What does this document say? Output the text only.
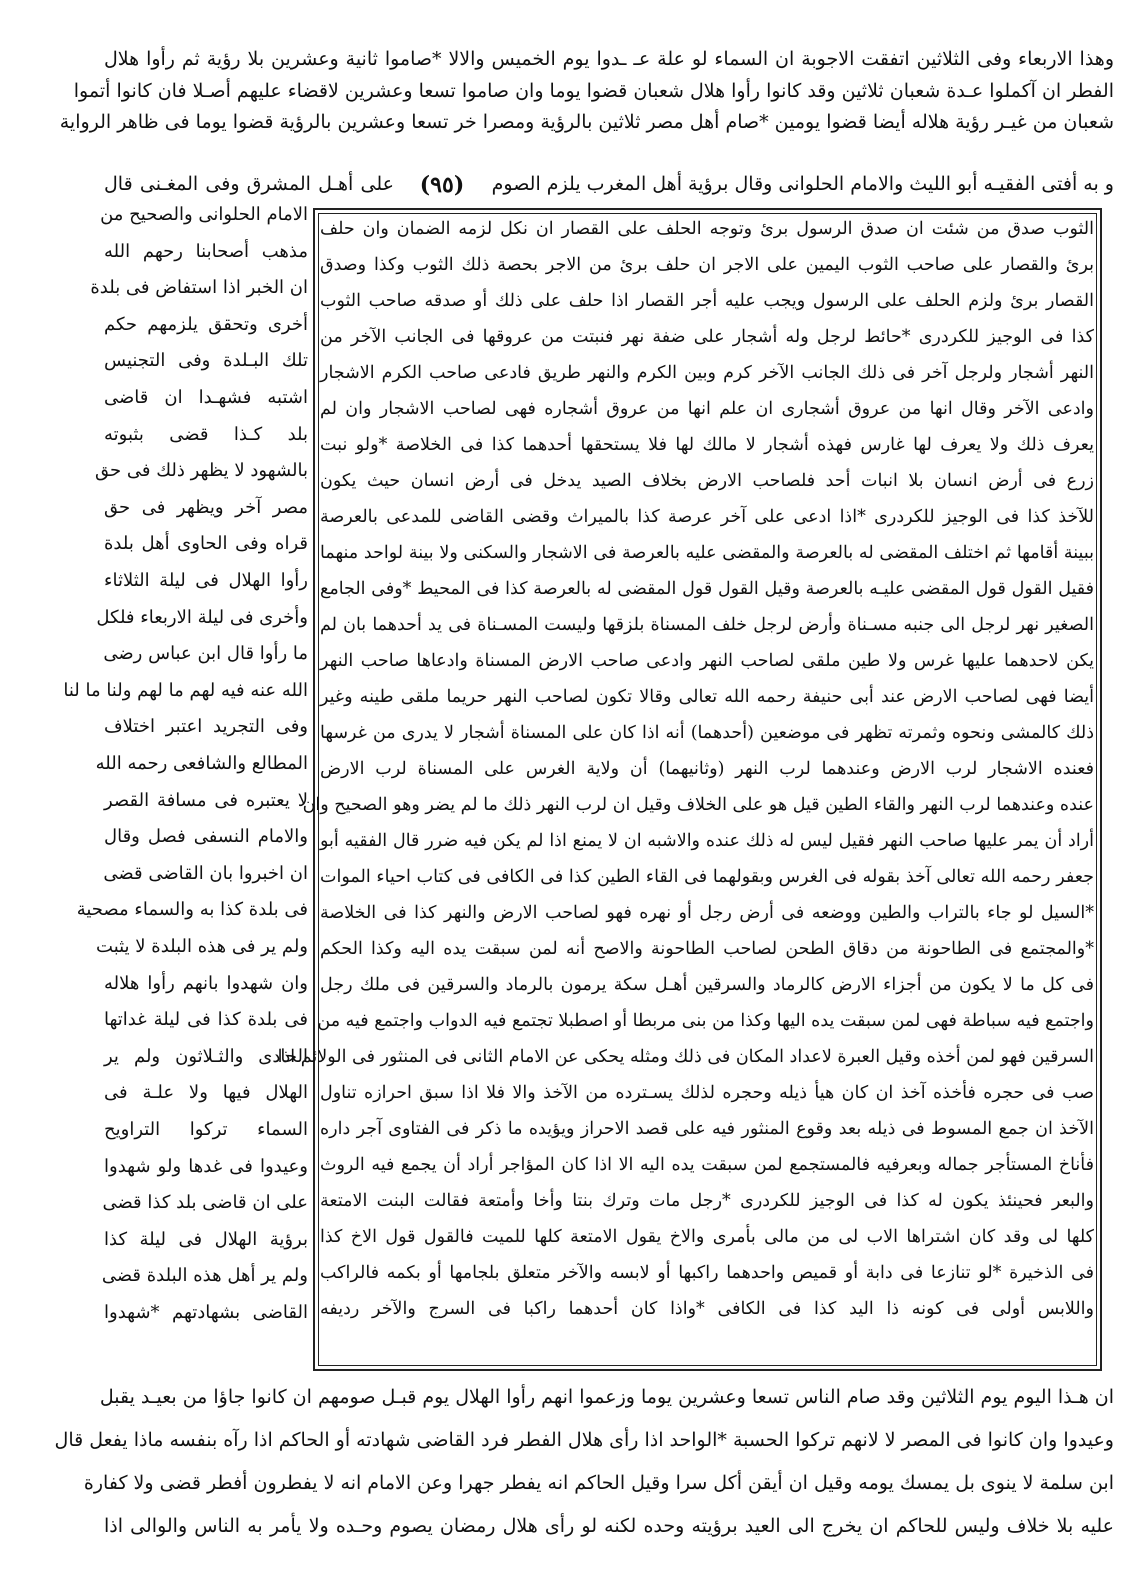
وهذا الاربعاء وفى الثلاثين اتفقت الاجوبة ان السماء لو علة عـ ـدوا يوم الخميس والالا *صاموا ثانية وعشرين بلا رؤية ثم رأوا هلال
الفطر ان آكملوا عـدة شعبان ثلاثين وقد كانوا رأوا هلال شعبان قضوا يوما وان صاموا تسعا وعشرين لاقضاء عليهم أصـلا فان كانوا أتموا
شعبان من غيـر رؤية هلاله أيضا قضوا يومين *صام أهل مصر ثلاثين بالرؤية ومصرا خر تسعا وعشرين بالرؤية قضوا يوما فى ظاهر الرواية
و به أفتى الفقيـه أبو الليث والامام الحلوانى وقال برؤية أهل المغرب يلزم الصوم
(٩٥)
على أهـل المشرق وفى المغـنى قال
الثوب صدق من شئت ان صدق الرسول برئ وتوجه الحلف على القصار ان نكل لزمه الضمان وان حلف
برئ والقصار على صاحب الثوب اليمين على الاجر ان حلف برئ من الاجر بحصة ذلك الثوب وكذا وصدق
القصار برئ ولزم الحلف على الرسول ويجب عليه أجر القصار اذا حلف على ذلك أو صدقه صاحب الثوب
كذا فى الوجيز للكردرى *حائط لرجل وله أشجار على ضفة نهر فنبتت من عروقها فى الجانب الآخر من
النهر أشجار ولرجل آخر فى ذلك الجانب الآخر كرم وبين الكرم والنهر طريق فادعى صاحب الكرم الاشجار
وادعى الآخر وقال انها من عروق أشجارى ان علم انها من عروق أشجاره فهى لصاحب الاشجار وان لم
يعرف ذلك ولا يعرف لها غارس فهذه أشجار لا مالك لها فلا يستحقها أحدهما كذا فى الخلاصة *ولو نبت
زرع فى أرض انسان بلا انبات أحد فلصاحب الارض بخلاف الصيد يدخل فى أرض انسان حيث يكون
للآخذ كذا فى الوجيز للكردرى *اذا ادعى على آخر عرصة كذا بالميراث وقضى القاضى للمدعى بالعرصة
ببينة أقامها ثم اختلف المقضى له بالعرصة والمقضى عليه بالعرصة فى الاشجار والسكنى ولا بينة لواحد منهما
فقيل القول قول المقضى عليـه بالعرصة وقيل القول قول المقضى له بالعرصة كذا فى المحيط *وفى الجامع
الصغير نهر لرجل الى جنبه مسـناة وأرض لرجل خلف المسناة بلزقها وليست المسـناة فى يد أحدهما بان لم
يكن لاحدهما عليها غرس ولا طين ملقى لصاحب النهر وادعى صاحب الارض المسناة وادعاها صاحب النهر
أيضا فهى لصاحب الارض عند أبى حنيفة رحمه الله تعالى وقالا تكون لصاحب النهر حريما ملقى طينه وغير
ذلك كالمشى ونحوه وثمرته تظهر فى موضعين (أحدهما) أنه اذا كان على المسناة أشجار لا يدرى من غرسها
فعنده الاشجار لرب الارض وعندهما لرب النهر (وثانيهما) أن ولاية الغرس على المسناة لرب الارض
عنده وعندهما لرب النهر والقاء الطين قيل هو على الخلاف وقيل ان لرب النهر ذلك ما لم يضر وهو الصحيح وان
أراد أن يمر عليها صاحب النهر فقيل ليس له ذلك عنده والاشبه ان لا يمنع اذا لم يكن فيه ضرر قال الفقيه أبو
جعفر رحمه الله تعالى آخذ بقوله فى الغرس وبقولهما فى القاء الطين كذا فى الكافى فى كتاب احياء الموات
*السيل لو جاء بالتراب والطين ووضعه فى أرض رجل أو نهره فهو لصاحب الارض والنهر كذا فى الخلاصة
*والمجتمع فى الطاحونة من دقاق الطحن لصاحب الطاحونة والاصح أنه لمن سبقت يده اليه وكذا الحكم
فى كل ما لا يكون من أجزاء الارض كالرماد والسرقين أهـل سكة يرمون بالرماد والسرقين فى ملك رجل
واجتمع فيه سباطة فهى لمن سبقت يده اليها وكذا من بنى مربطا أو اصطبلا تجتمع فيه الدواب واجتمع فيه من
السرقين فهو لمن أخذه وقيل العبرة لاعداد المكان فى ذلك ومثله يحكى عن الامام الثانى فى المنثور فى الولائم اذا
صب فى حجره فأخذه آخذ ان كان هيأ ذيله وحجره لذلك يسـترده من الآخذ والا فلا اذا سبق احرازه تناول
الآخذ ان جمع المسوط فى ذيله بعد وقوع المنثور فيه على قصد الاحراز ويؤيده ما ذكر فى الفتاوى آجر داره
فأناخ المستأجر جماله وبعرفيه فالمستجمع لمن سبقت يده اليه الا اذا كان المؤاجر أراد أن يجمع فيه الروث
والبعر فحينئذ يكون له كذا فى الوجيز للكردرى *رجل مات وترك بنتا وأخا وأمتعة فقالت البنت الامتعة
كلها لى وقد كان اشتراها الاب لى من مالى بأمرى والاخ يقول الامتعة كلها للميت فالقول قول الاخ كذا
فى الذخيرة *لو تنازعا فى دابة أو قميص واحدهما راكبها أو لابسه والآخر متعلق بلجامها أو بكمه فالراكب
واللابس أولى فى كونه ذا اليد كذا فى الكافى *واذا كان أحدهما راكبا فى السرج والآخر رديفه
الامام الحلوانى والصحيح من
مذهب أصحابنا رحهم الله
ان الخبر اذا استفاض فى بلدة
أخرى وتحقق يلزمهم حكم
تلك البـلدة وفى التجنيس
اشتبه فشهـدا ان قاضى
بلد كـذا قضى بثبوته
بالشهود لا يظهر ذلك فى حق
مصر آخر ويظهر فى حق
قراه وفى الحاوى أهل بلدة
رأوا الهلال فى ليلة الثلاثاء
وأخرى فى ليلة الاربعاء فلكل
ما رأوا قال ابن عباس رضى
الله عنه فيه لهم ما لهم ولنا ما لنا
وفى التجريد اعتبر اختلاف
المطالع والشافعى رحمه الله
لا يعتبره فى مسافة القصر
والامام النسفى فصل وقال
ان اخبروا بان القاضى قضى
فى بلدة كذا به والسماء مصحية
ولم ير فى هذه البلدة لا يثبت
وان شهدوا بانهم رأوا هلاله
فى بلدة كذا فى ليلة غداتها
الحادى والثـلاثون ولم ير
الهلال فيها ولا علـة فى
السماء تركوا التراويح
وعيدوا فى غدها ولو شهدوا
على ان قاضى بلد كذا قضى
برؤية الهلال فى ليلة كذا
ولم ير أهل هذه البلدة قضى
القاضى بشهادتهم *شهدوا
ان هـذا اليوم يوم الثلاثين وقد صام الناس تسعا وعشرين يوما وزعموا انهم رأوا الهلال يوم قبـل صومهم ان كانوا جاؤا من بعيـد يقبل
وعيدوا وان كانوا فى المصر لا لانهم تركوا الحسبة *الواحد اذا رأى هلال الفطر فرد القاضى شهادته أو الحاكم اذا رآه بنفسه ماذا يفعل قال
ابن سلمة لا ينوى بل يمسك يومه وقيل ان أيقن أكل سرا وقيل الحاكم انه يفطر جهرا وعن الامام انه لا يفطرون أفطر قضى ولا كفارة
عليه بلا خلاف وليس للحاكم ان يخرج الى العيد برؤيته وحده لكنه لو رأى هلال رمضان يصوم وحـده ولا يأمر به الناس والوالى اذا
